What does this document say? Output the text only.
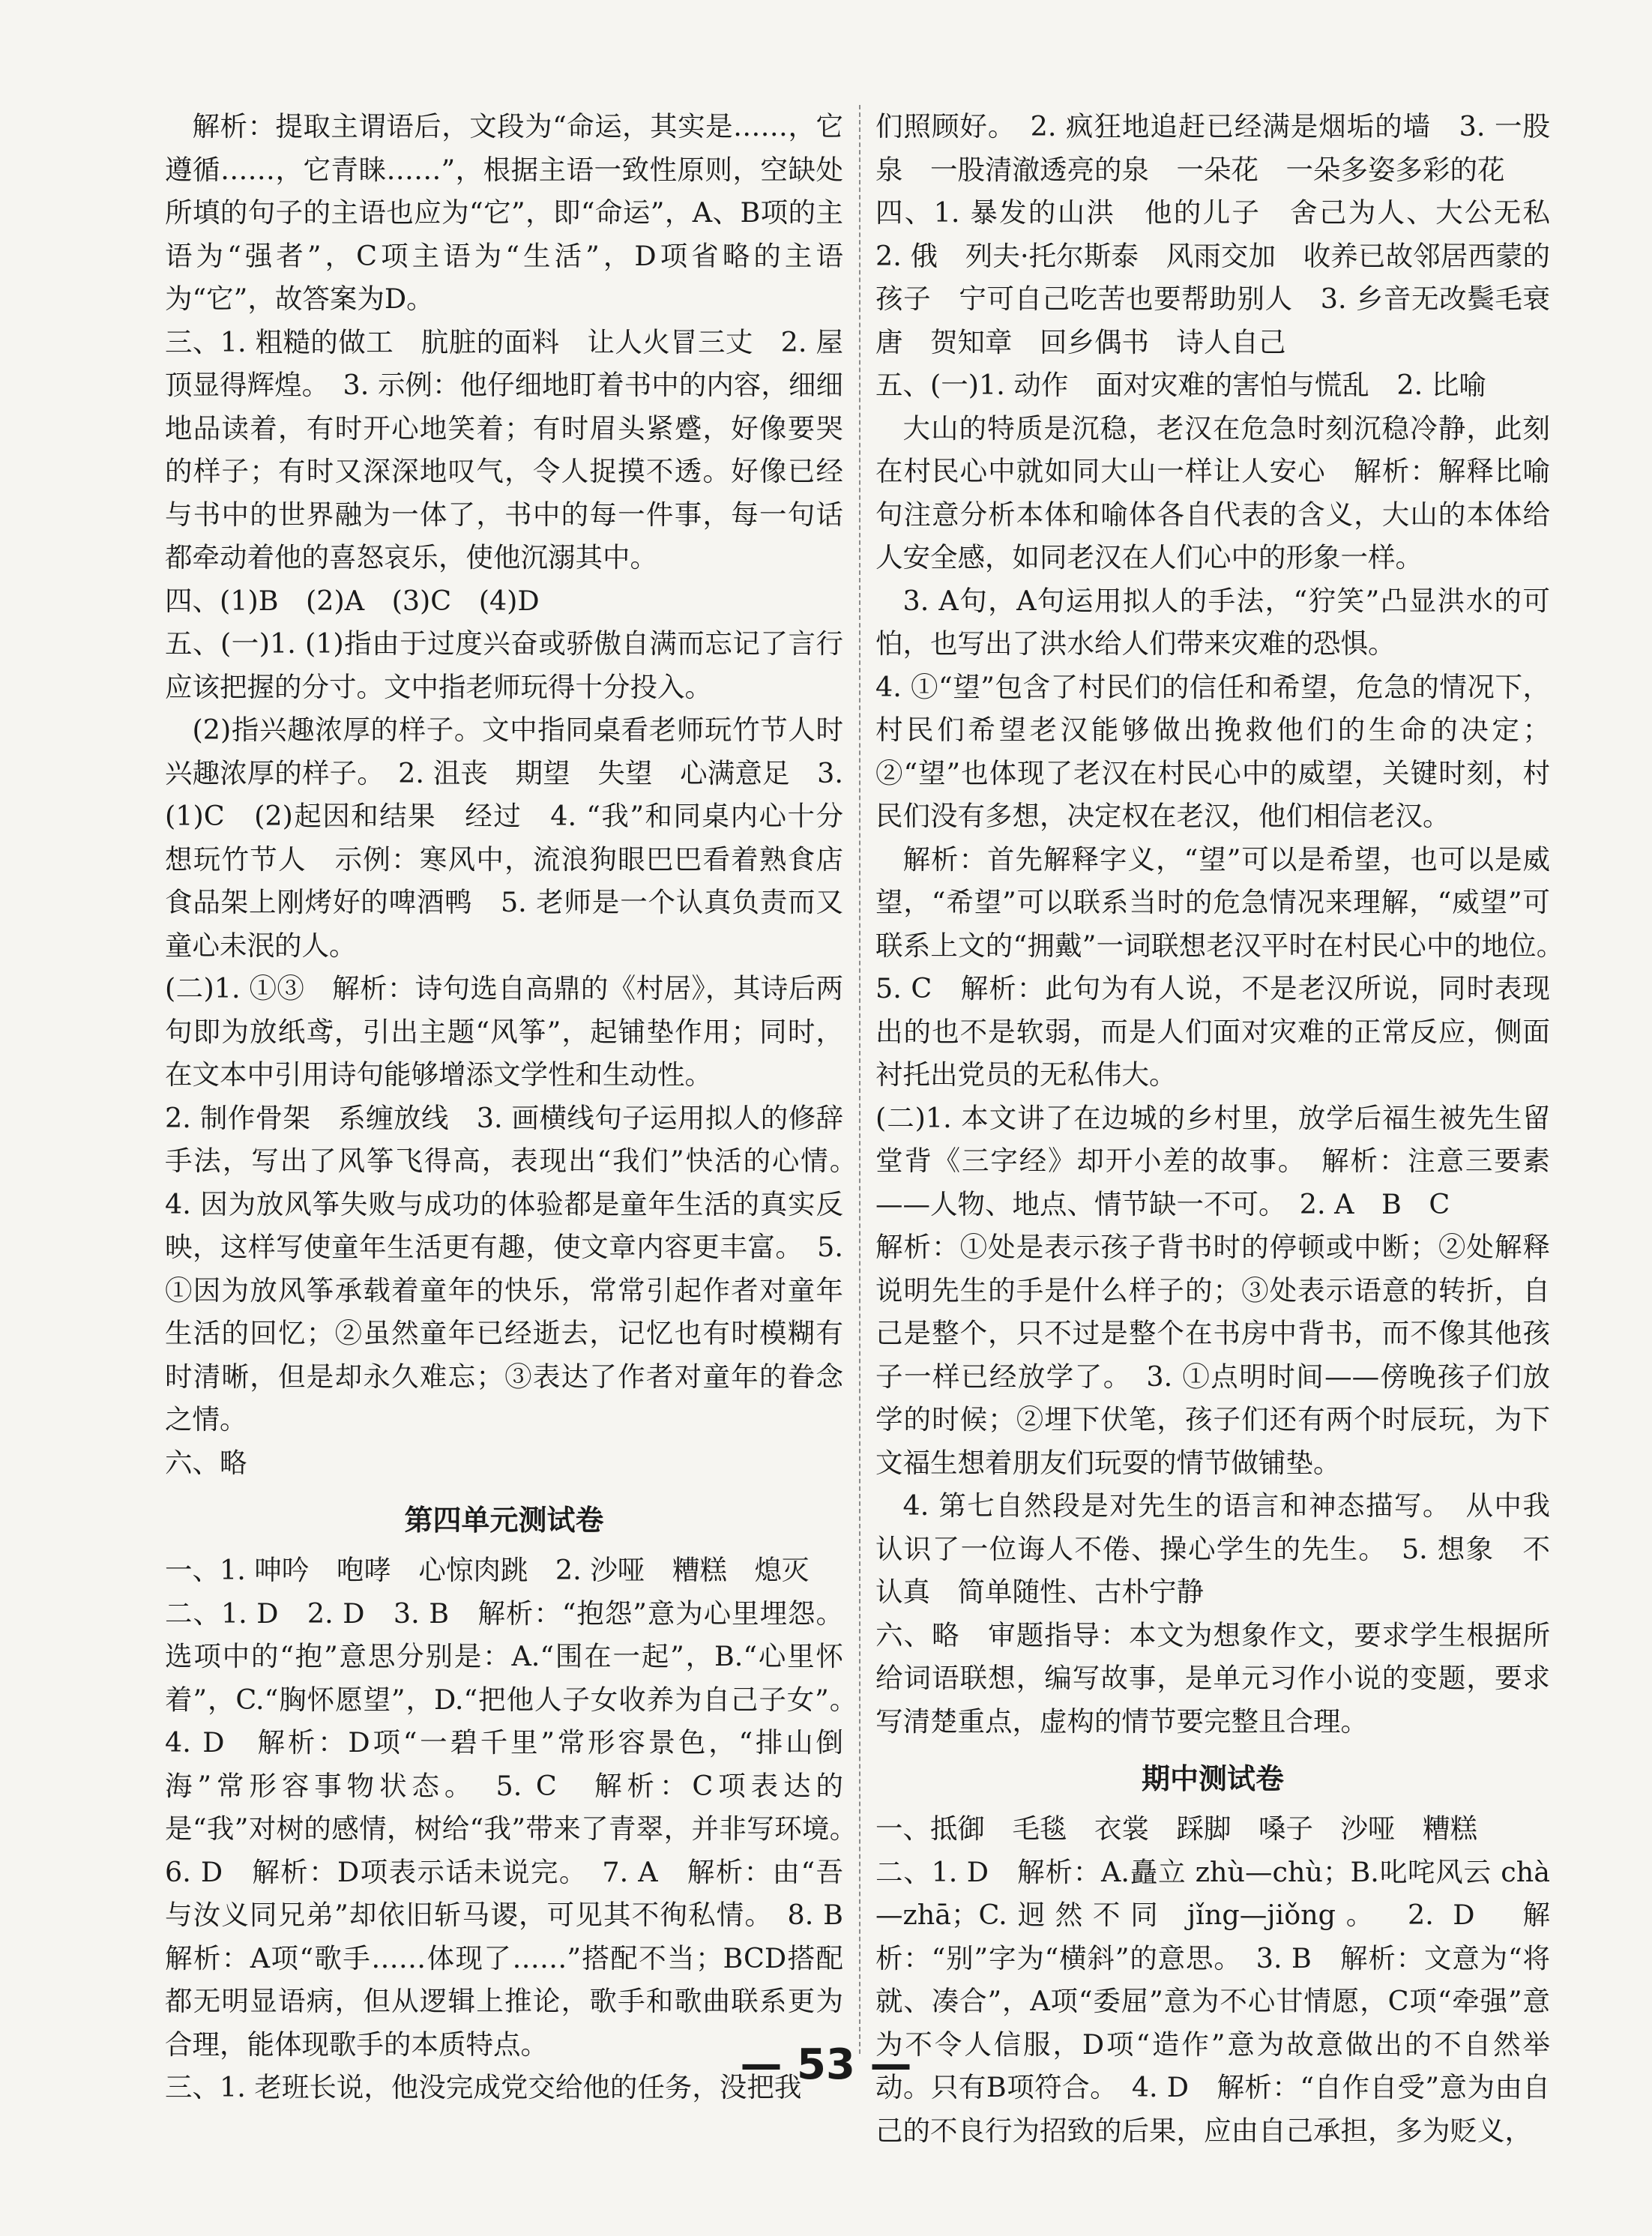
解析：提取主谓语后，文段为“命运，其实是……，它遵循……，它青睐……”，根据主语一致性原则，空缺处所填的句子的主语也应为“它”，即“命运”，A、B项的主语为“强者”，C项主语为“生活”，D项省略的主语为“它”，故答案为D。

三、1. 粗糙的做工　肮脏的面料　让人火冒三丈　2. 屋顶显得辉煌。　3. 示例：他仔细地盯着书中的内容，细细地品读着，有时开心地笑着；有时眉头紧蹙，好像要哭的样子；有时又深深地叹气，令人捉摸不透。好像已经与书中的世界融为一体了，书中的每一件事，每一句话都牵动着他的喜怒哀乐，使他沉溺其中。

四、(1)B　(2)A　(3)C　(4)D

五、(一)1. (1)指由于过度兴奋或骄傲自满而忘记了言行应该把握的分寸。文中指老师玩得十分投入。

(2)指兴趣浓厚的样子。文中指同桌看老师玩竹节人时兴趣浓厚的样子。　2. 沮丧　期望　失望　心满意足　3. (1)C　(2)起因和结果　经过　4. “我”和同桌内心十分想玩竹节人　示例：寒风中，流浪狗眼巴巴看着熟食店食品架上刚烤好的啤酒鸭　5. 老师是一个认真负责而又童心未泯的人。

(二)1. ①③　解析：诗句选自高鼎的《村居》，其诗后两句即为放纸鸢，引出主题“风筝”，起铺垫作用；同时，在文本中引用诗句能够增添文学性和生动性。

2. 制作骨架　系缠放线　3. 画横线句子运用拟人的修辞手法，写出了风筝飞得高，表现出“我们”快活的心情。　4. 因为放风筝失败与成功的体验都是童年生活的真实反映，这样写使童年生活更有趣，使文章内容更丰富。　5. ①因为放风筝承载着童年的快乐，常常引起作者对童年生活的回忆；②虽然童年已经逝去，记忆也有时模糊有时清晰，但是却永久难忘；③表达了作者对童年的眷念之情。

六、略

第四单元测试卷

一、1. 呻吟　咆哮　心惊肉跳　2. 沙哑　糟糕　熄灭

二、1. D　2. D　3. B　解析：“抱怨”意为心里埋怨。选项中的“抱”意思分别是：A.“围在一起”，B.“心里怀着”，C.“胸怀愿望”，D.“把他人子女收养为自己子女”。　4. D　解析：D项“一碧千里”常形容景色，“排山倒海”常形容事物状态。　5. C　解析：C项表达的是“我”对树的感情，树给“我”带来了青翠，并非写环境。　6. D　解析：D项表示话未说完。　7. A　解析：由“吾与汝义同兄弟”却依旧斩马谡，可见其不徇私情。　8. B　解析：A项“歌手……体现了……”搭配不当；BCD搭配都无明显语病，但从逻辑上推论，歌手和歌曲联系更为合理，能体现歌手的本质特点。

三、1. 老班长说，他没完成党交给他的任务，没把我

们照顾好。　2. 疯狂地追赶已经满是烟垢的墙　3. 一股泉　一股清澈透亮的泉　一朵花　一朵多姿多彩的花

四、1. 暴发的山洪　他的儿子　舍己为人、大公无私　2. 俄　列夫·托尔斯泰　风雨交加　收养已故邻居西蒙的孩子　宁可自己吃苦也要帮助别人　3. 乡音无改鬓毛衰　唐　贺知章　回乡偶书　诗人自己

五、(一)1. 动作　面对灾难的害怕与慌乱　2. 比喻

大山的特质是沉稳，老汉在危急时刻沉稳冷静，此刻在村民心中就如同大山一样让人安心　解析：解释比喻句注意分析本体和喻体各自代表的含义，大山的本体给人安全感，如同老汉在人们心中的形象一样。

3. A句，A句运用拟人的手法，“狞笑”凸显洪水的可怕，也写出了洪水给人们带来灾难的恐惧。

4. ①“望”包含了村民们的信任和希望，危急的情况下，村民们希望老汉能够做出挽救他们的生命的决定；②“望”也体现了老汉在村民心中的威望，关键时刻，村民们没有多想，决定权在老汉，他们相信老汉。

解析：首先解释字义，“望”可以是希望，也可以是威望，“希望”可以联系当时的危急情况来理解，“威望”可联系上文的“拥戴”一词联想老汉平时在村民心中的地位。　5. C　解析：此句为有人说，不是老汉所说，同时表现出的也不是软弱，而是人们面对灾难的正常反应，侧面衬托出党员的无私伟大。

(二)1. 本文讲了在边城的乡村里，放学后福生被先生留堂背《三字经》却开小差的故事。　解析：注意三要素——人物、地点、情节缺一不可。　2. A　B　C

解析：①处是表示孩子背书时的停顿或中断；②处解释说明先生的手是什么样子的；③处表示语意的转折，自己是整个，只不过是整个在书房中背书，而不像其他孩子一样已经放学了。　3. ①点明时间——傍晚孩子们放学的时候；②埋下伏笔，孩子们还有两个时辰玩，为下文福生想着朋友们玩耍的情节做铺垫。

4. 第七自然段是对先生的语言和神态描写。　从中我认识了一位诲人不倦、操心学生的先生。　5. 想象　不认真　简单随性、古朴宁静

六、略　审题指导：本文为想象作文，要求学生根据所给词语联想，编写故事，是单元习作小说的变题，要求写清楚重点，虚构的情节要完整且合理。

期中测试卷

一、抵御　毛毯　衣裳　踩脚　嗓子　沙哑　糟糕

二、1. D　解析：A.矗立 zhù—chù；B.叱咤风云 chà—zhā；C.迥然不同 jǐng—jiǒng。　2. D　解析：“别”字为“横斜”的意思。　3. B　解析：文意为“将就、凑合”，A项“委屈”意为不心甘情愿，C项“牵强”意为不令人信服，D项“造作”意为故意做出的不自然举动。只有B项符合。　4. D　解析：“自作自受”意为由自己的不良行为招致的后果，应由自己承担，多为贬义，

— 53 —
